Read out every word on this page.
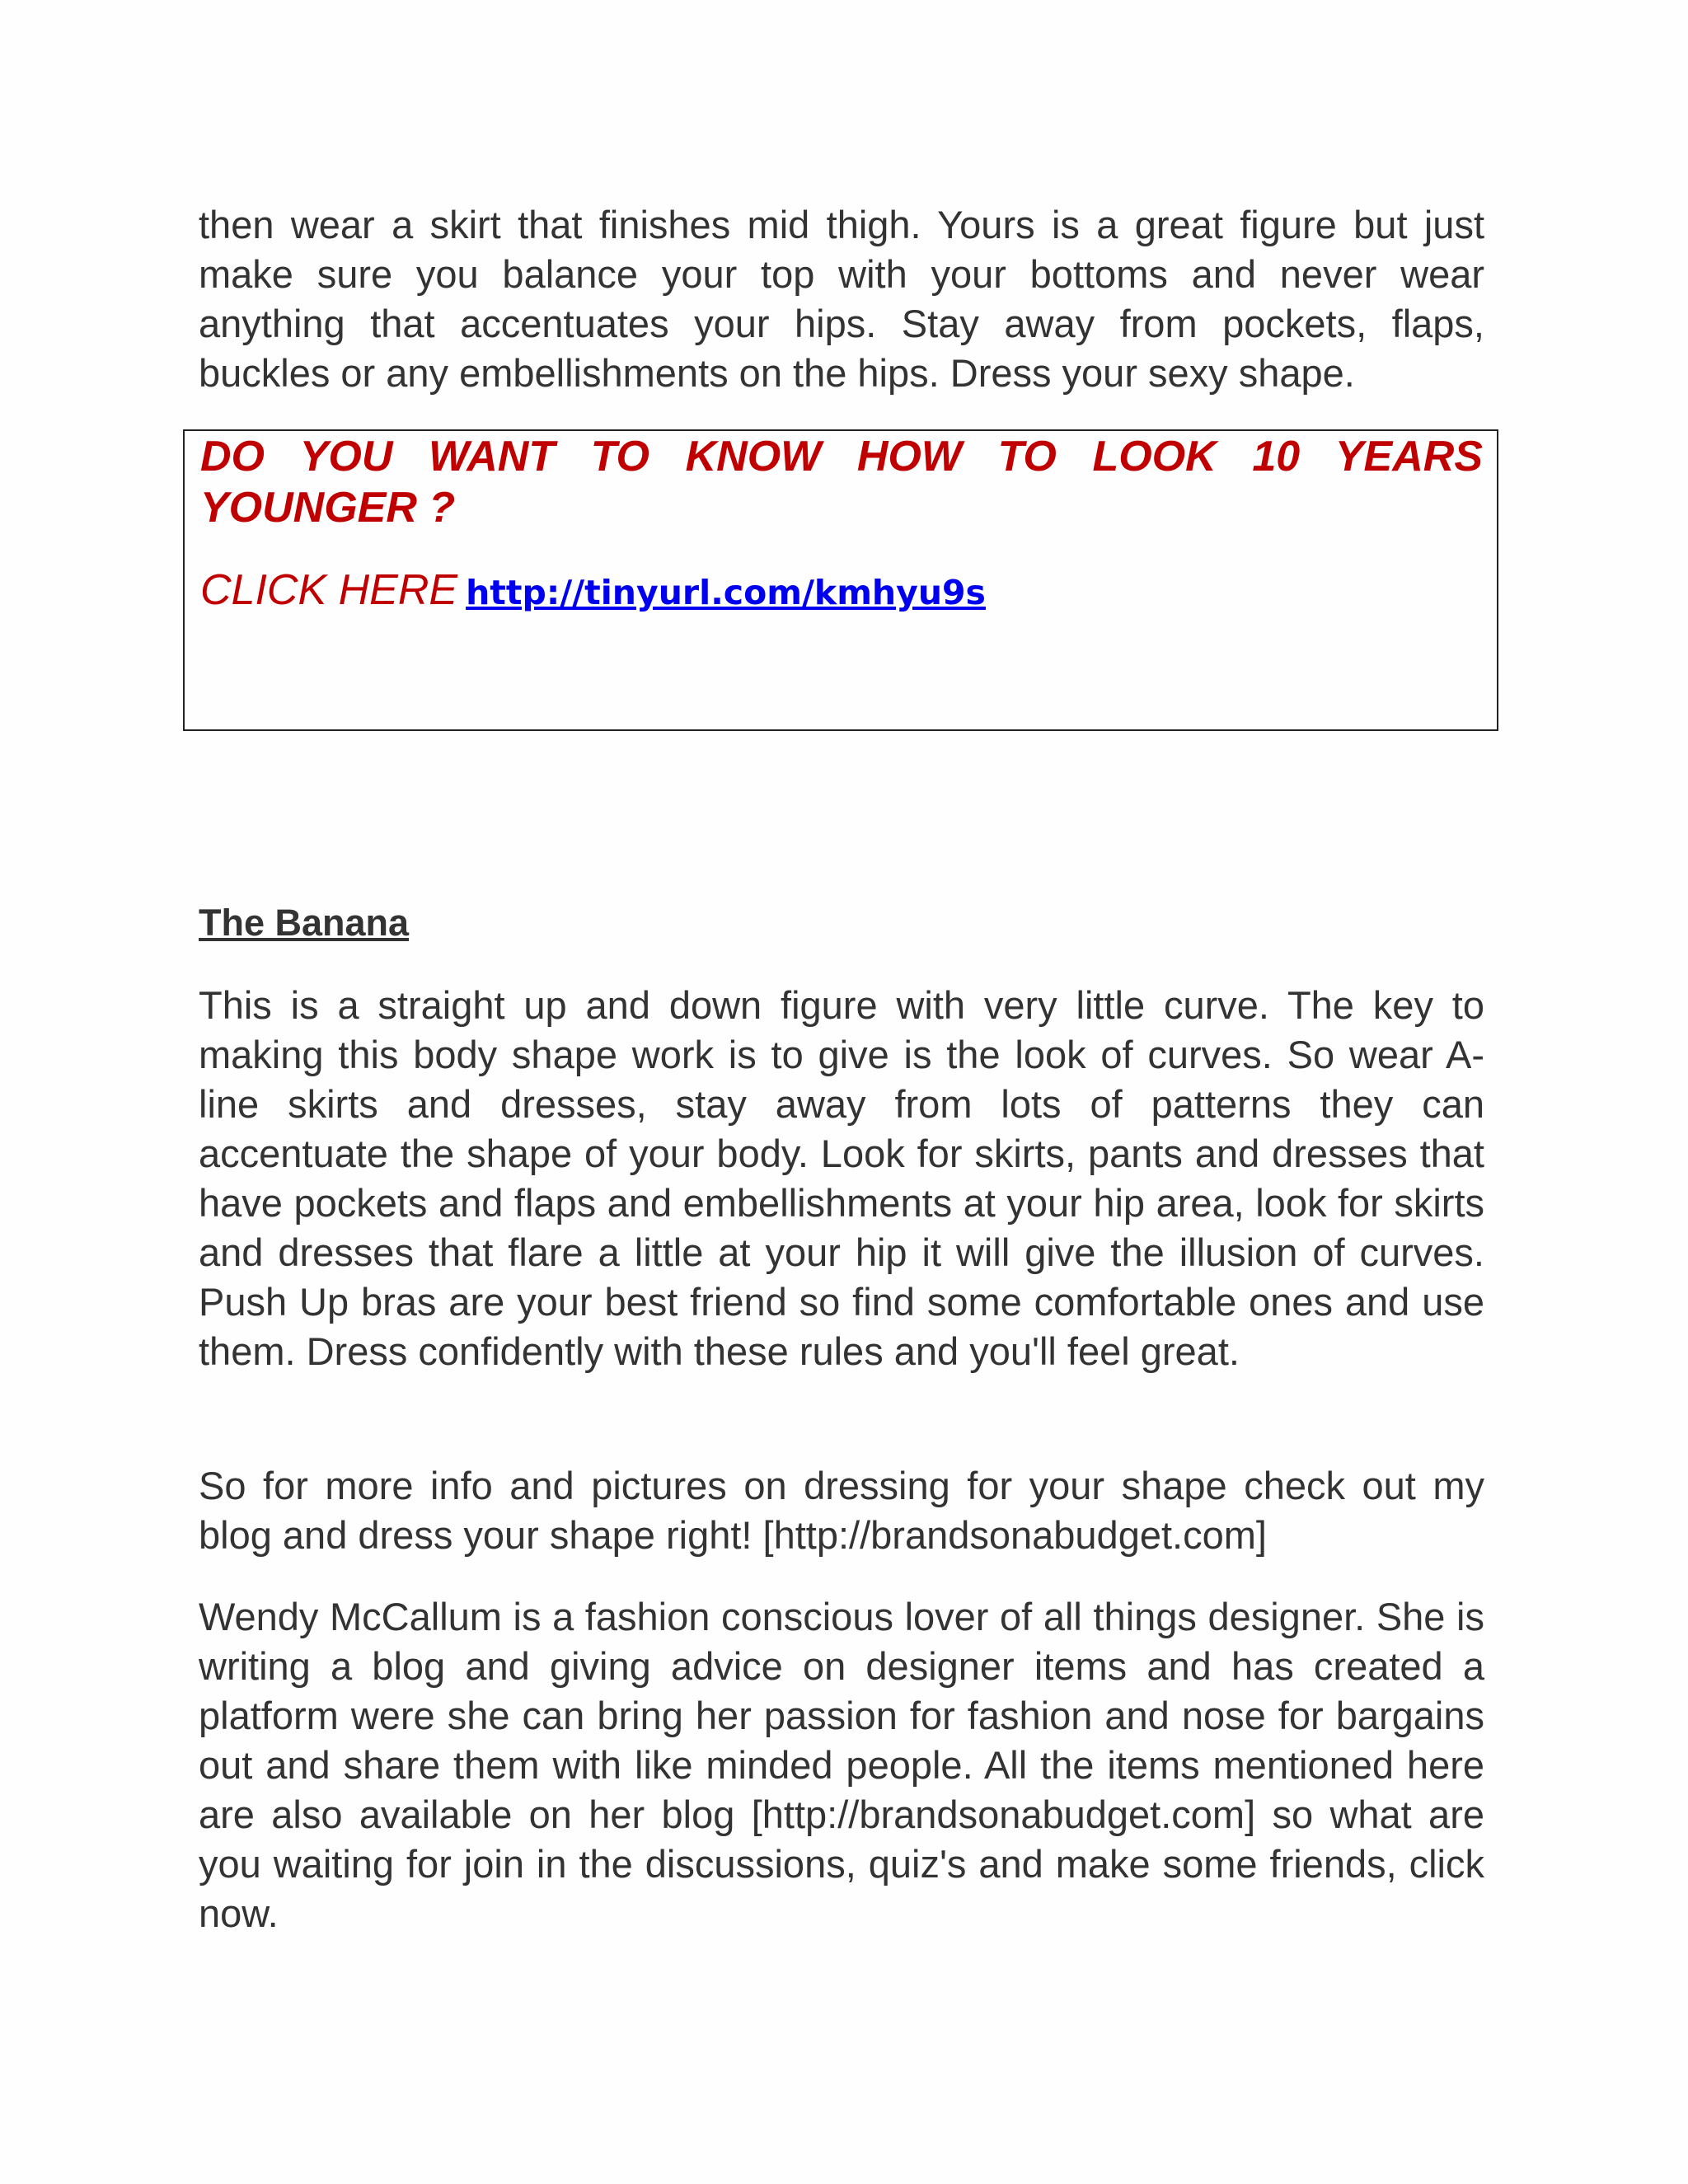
then wear a skirt that finishes mid thigh. Yours is a great figure but just make sure you balance your top with your bottoms and never wear anything that accentuates your hips. Stay away from pockets, flaps, buckles or any embellishments on the hips. Dress your sexy shape.

DO YOU WANT TO KNOW HOW TO LOOK 10 YEARS YOUNGER ?

CLICK HERE http://tinyurl.com/kmhyu9s

The Banana

This is a straight up and down figure with very little curve. The key to making this body shape work is to give is the look of curves. So wear A-line skirts and dresses, stay away from lots of patterns they can accentuate the shape of your body. Look for skirts, pants and dresses that have pockets and flaps and embellishments at your hip area, look for skirts and dresses that flare a little at your hip it will give the illusion of curves. Push Up bras are your best friend so find some comfortable ones and use them. Dress confidently with these rules and you'll feel great.

So for more info and pictures on dressing for your shape check out my blog and dress your shape right! [http://brandsonabudget.com]

Wendy McCallum is a fashion conscious lover of all things designer. She is writing a blog and giving advice on designer items and has created a platform were she can bring her passion for fashion and nose for bargains out and share them with like minded people. All the items mentioned here are also available on her blog [http://brandsonabudget.com] so what are you waiting for join in the discussions, quiz's and make some friends, click now.
